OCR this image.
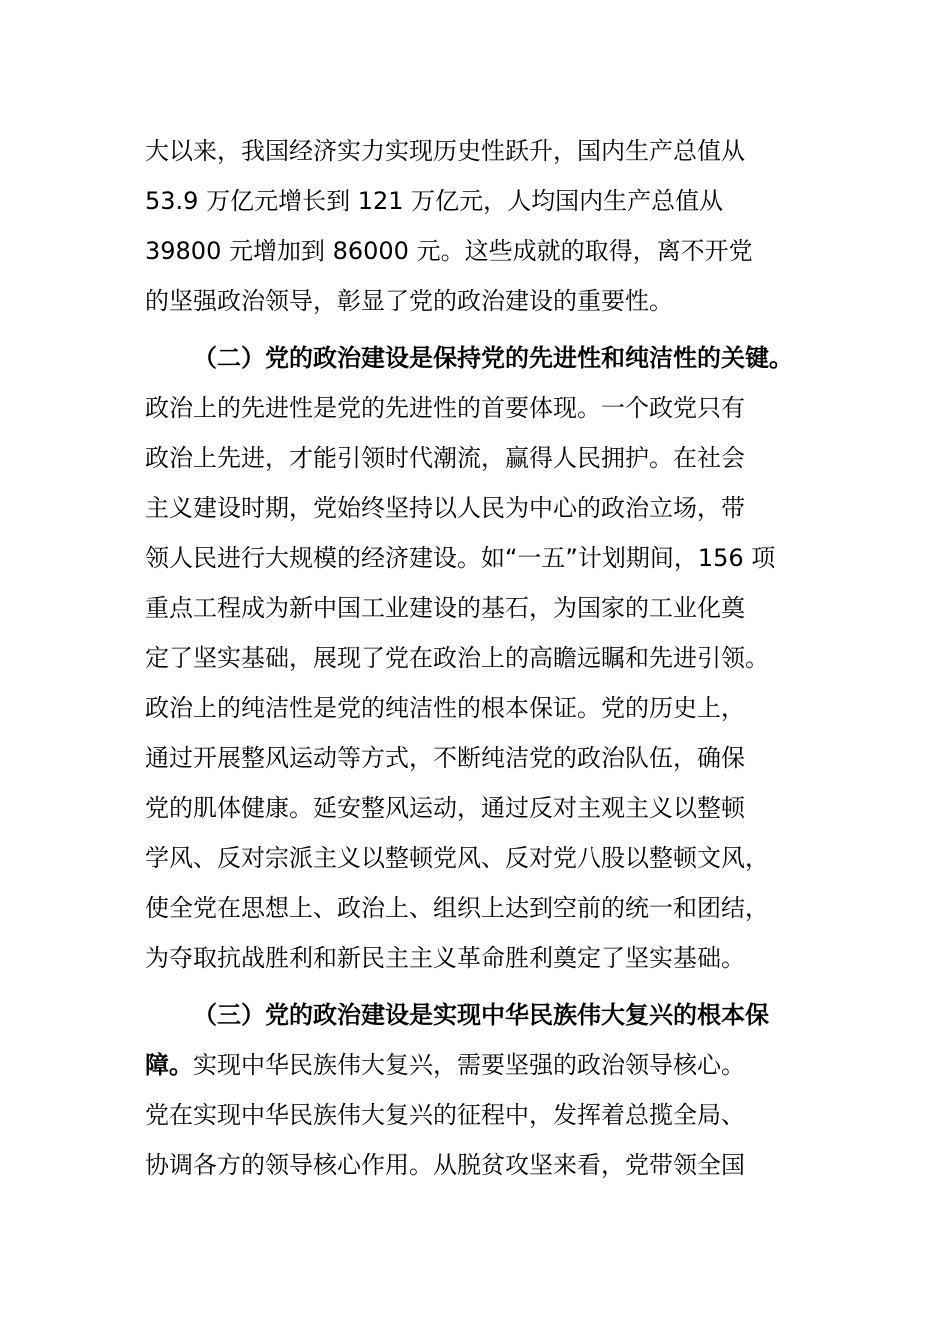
大以来，我国经济实力实现历史性跃升，国内生产总值从
53.9 万亿元增长到 121 万亿元，人均国内生产总值从
39800 元增加到 86000 元。这些成就的取得，离不开党
的坚强政治领导，彰显了党的政治建设的重要性。
（二）党的政治建设是保持党的先进性和纯洁性的关键。
政治上的先进性是党的先进性的首要体现。一个政党只有
政治上先进，才能引领时代潮流，赢得人民拥护。在社会
主义建设时期，党始终坚持以人民为中心的政治立场，带
领人民进行大规模的经济建设。如“一五”计划期间，156 项
重点工程成为新中国工业建设的基石，为国家的工业化奠
定了坚实基础，展现了党在政治上的高瞻远瞩和先进引领。
政治上的纯洁性是党的纯洁性的根本保证。党的历史上，
通过开展整风运动等方式，不断纯洁党的政治队伍，确保
党的肌体健康。延安整风运动，通过反对主观主义以整顿
学风、反对宗派主义以整顿党风、反对党八股以整顿文风，
使全党在思想上、政治上、组织上达到空前的统一和团结，
为夺取抗战胜利和新民主主义革命胜利奠定了坚实基础。
（三）党的政治建设是实现中华民族伟大复兴的根本保
障。实现中华民族伟大复兴，需要坚强的政治领导核心。
党在实现中华民族伟大复兴的征程中，发挥着总揽全局、
协调各方的领导核心作用。从脱贫攻坚来看，党带领全国
